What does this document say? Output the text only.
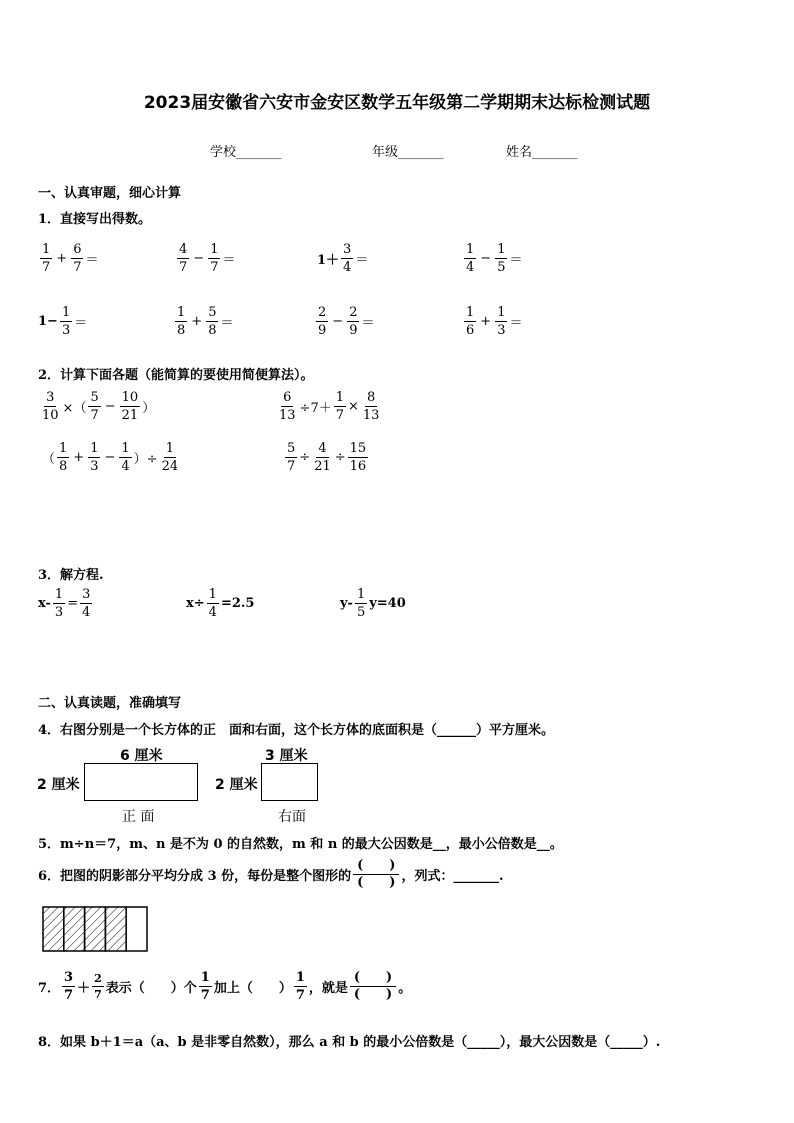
2023届安徽省六安市金安区数学五年级第二学期期末达标检测试题
学校_______	年级_______	姓名_______
一、认真审题，细心计算
1．直接写出得数。
$\frac{1}{7} + \frac{6}{7}$ ＝	$\frac{4}{7} - \frac{1}{7}$ ＝	$1+ \frac{3}{4}$ ＝	$\frac{1}{4} - \frac{1}{5}$ ＝
$1- \frac{1}{3}$ ＝	$\frac{1}{8} + \frac{5}{8}$ ＝	$\frac{2}{9} - \frac{2}{9}$ ＝	$\frac{1}{6} + \frac{1}{3}$ ＝
2．计算下面各题（能简算的要使用简便算法）。
$\frac{3}{10}$ ×（ $\frac{5}{7} - \frac{10}{21}$ ）	$\frac{6}{13} \div 7+ \frac{1}{7} \times \frac{8}{13}$
（ $\frac{1}{8} + \frac{1}{3} - \frac{1}{4}$ ）÷ $\frac{1}{24}$	$\frac{5}{7} \div \frac{4}{21} \div \frac{15}{16}$
3．解方程.
$x- \frac{1}{3} = \frac{3}{4}$	$x\div \frac{1}{4} =2.5$	$y- \frac{1}{5} y=40$
二、认真读题，准确填写
4．右图分别是一个长方体的正　面和右面，这个长方体的底面积是（______）平方厘米。
6 厘米
2 厘米
正 面
3 厘米
2 厘米
右面
5．m÷n＝7，m、n 是不为 0 的自然数，m 和 n 的最大公因数是__，最小公倍数是__。
6．把图的阴影部分平均分成 3 份，每份是整个图形的 $\frac{( )}{( )}$ ，列式：_______.
7． $\frac{3}{7} + \frac{2}{7}$ 表示（　　）个 $\frac{1}{7}$ 加上（　　） $\frac{1}{7}$ ，就是 $\frac{( )}{( )}$ 。
8．如果 b＋1＝a（a、b 是非零自然数），那么 a 和 b 的最小公倍数是（_____），最大公因数是（_____）.
